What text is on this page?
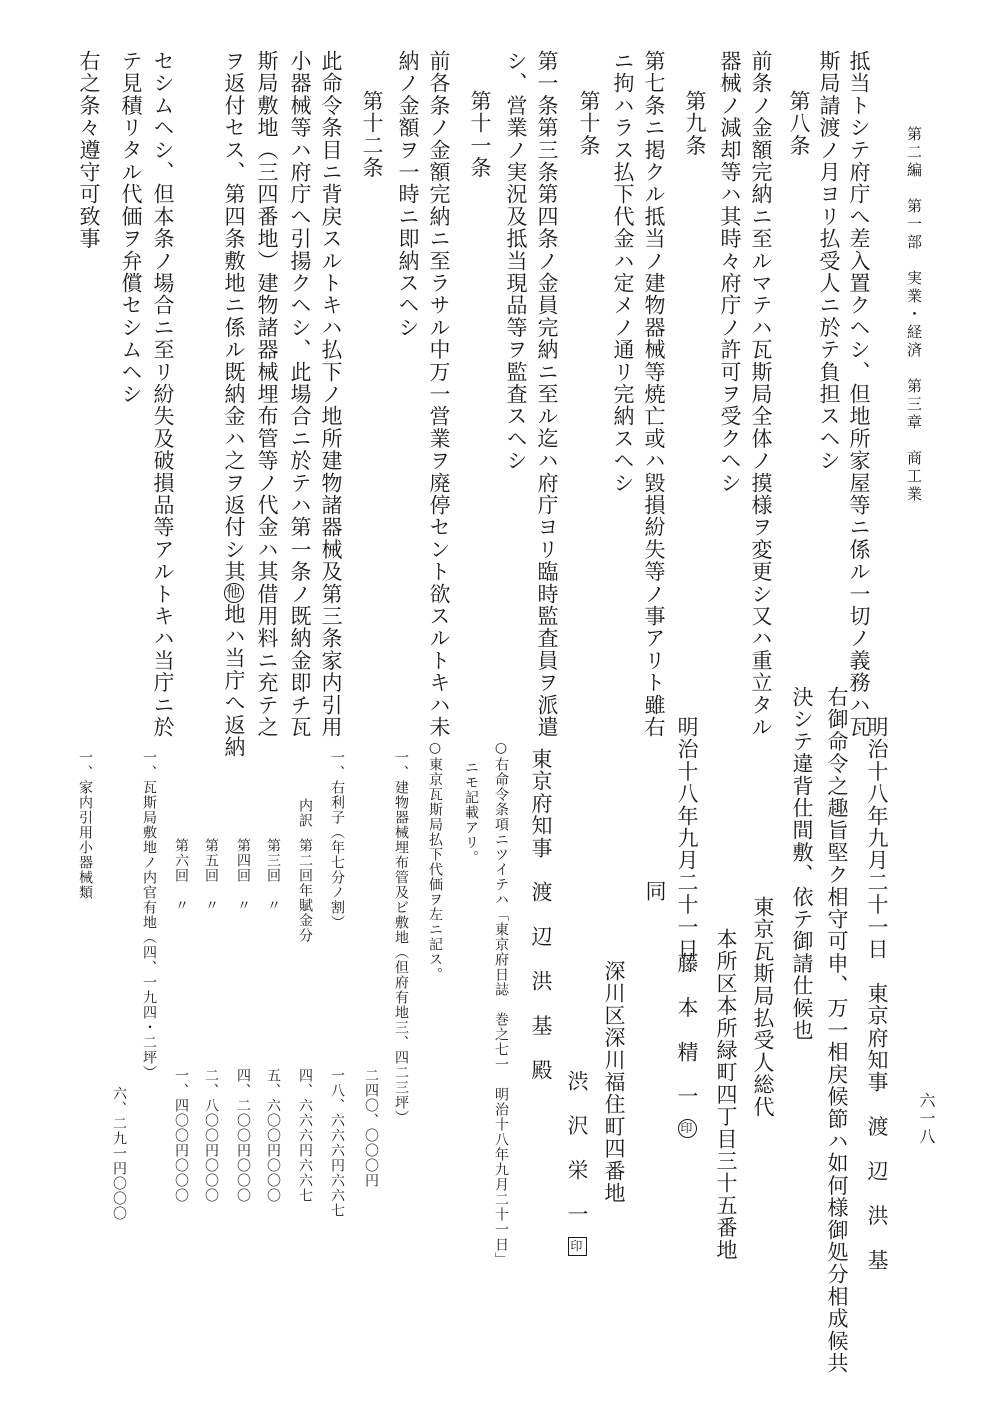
第二編　第一部　実業・経済　第三章　商工業
六一八
抵当トシテ府庁へ差入置クヘシ、但地所家屋等ニ係ル一切ノ義務ハ瓦
斯局請渡ノ月ヨリ払受人ニ於テ負担スヘシ
第八条
前条ノ金額完納ニ至ルマテハ瓦斯局全体ノ摸様ヲ変更シ又ハ重立タル
器械ノ減却等ハ其時々府庁ノ許可ヲ受クヘシ
第九条
第七条ニ掲クル抵当ノ建物器械等焼亡或ハ毀損紛失等ノ事アリト雖右
ニ拘ハラス払下代金ハ定メノ通リ完納スヘシ
第十条
第一条第三条第四条ノ金員完納ニ至ル迄ハ府庁ヨリ臨時監査員ヲ派遣
シ、営業ノ実況及抵当現品等ヲ監査スヘシ
第十一条
前各条ノ金額完納ニ至ラサル中万一営業ヲ廃停セント欲スルトキハ未
納ノ金額ヲ一時ニ即納スヘシ
第十二条
此命令条目ニ背戻スルトキハ払下ノ地所建物諸器械及第三条家内引用
小器械等ハ府庁へ引揚クヘシ、此場合ニ於テハ第一条ノ既納金即チ瓦
斯局敷地（三四番地）建物諸器械埋布管等ノ代金ハ其借用料ニ充テ之
ヲ返付セス、第四条敷地ニ係ル既納金ハ之ヲ返付シ其他地ハ当庁へ返納
セシムヘシ、但本条ノ場合ニ至リ紛失及破損品等アルトキハ当庁ニ於
テ見積リタル代価ヲ弁償セシムヘシ
右之条々遵守可致事
明治十八年九月二十一日　東京府知事　渡　辺　洪　基
右御命令之趣旨堅ク相守可申、万一相戻候節ハ如何様御処分相成候共
決シテ違背仕間敷、依テ御請仕候也
東京瓦斯局払受人総代
本所区本所緑町四丁目三十五番地
明治十八年九月二十一日
藤　本　精　一 印
同
深川区深川福住町四番地
渋　沢　栄　一 印
東京府知事　渡　辺　洪　基　殿
○右命令条項ニツイテハ「東京府日誌　巻之七一　明治十八年九月二十一日」
ニモ記載アリ。
○東京瓦斯局払下代価ヲ左ニ記ス。
一、建物器械埋布管及ビ敷地（但府有地三、四二三坪）
二四〇、〇〇〇円
一、右利子（年七分ノ割）
一八、六六六円六六七
内訳
第二回年賦金分
四、六六六円六六七
第三回　〃
五、六〇〇円〇〇〇
第四回　〃
四、二〇〇円〇〇〇
第五回　〃
二、八〇〇円〇〇〇
第六回　〃
一、四〇〇円〇〇〇
一、瓦斯局敷地ノ内官有地（四、一九四・二坪）
六、二九一円〇〇〇
一、家内引用小器械類
